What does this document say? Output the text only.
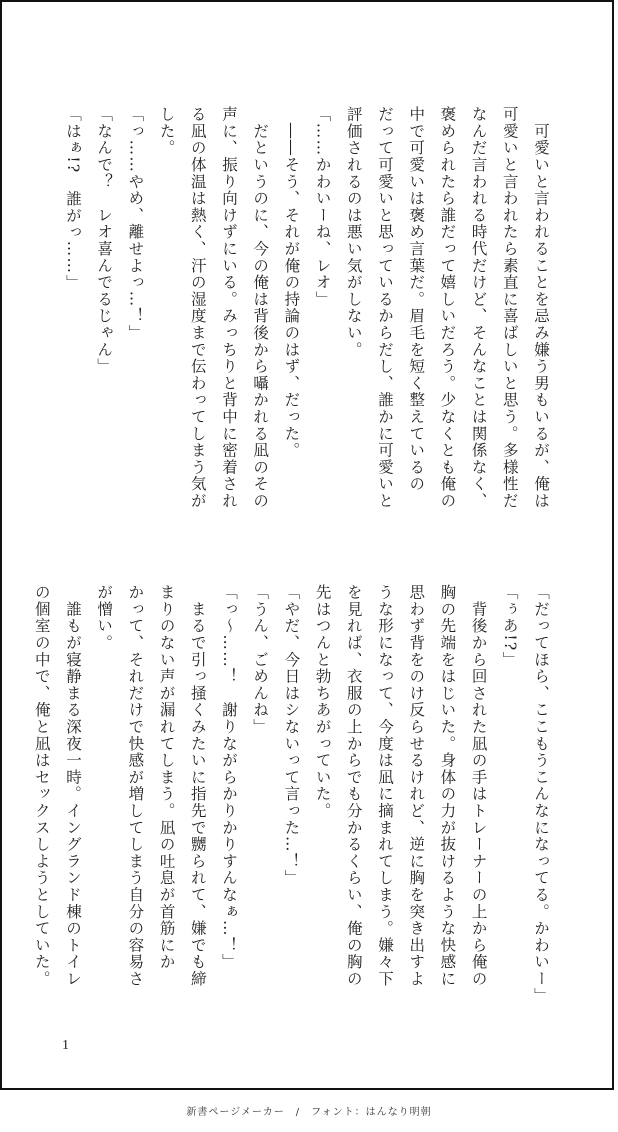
　可愛いと言われることを忌み嫌う男もいるが、俺は
可愛いと言われたら素直に喜ばしいと思う。多様性だ
なんだ言われる時代だけど、そんなことは関係なく、
褒められたら誰だって嬉しいだろう。少なくとも俺の
中で可愛いは褒め言葉だ。眉毛を短く整えているの
だって可愛いと思っているからだし、誰かに可愛いと
評価されるのは悪い気がしない。
「……かわいーね、レオ」
　――そう、それが俺の持論のはず、だった。
　だというのに、今の俺は背後から囁かれる凪のその
声に、振り向けずにいる。みっちりと背中に密着され
る凪の体温は熱く、汗の湿度まで伝わってしまう気が
した。
「っ……やめ、離せよっ…！」
「なんで？　レオ喜んでるじゃん」
「はぁ!?　誰がっ……」
「だってほら、ここもうこんなになってる。かわいー」
「ぅあ!?」
　背後から回された凪の手はトレーナーの上から俺の
胸の先端をはじいた。身体の力が抜けるような快感に
思わず背をのけ反らせるけれど、逆に胸を突き出すよ
うな形になって、今度は凪に摘まれてしまう。嫌々下
を見れば、衣服の上からでも分かるくらい、俺の胸の
先はつんと勃ちあがっていた。
「やだ、今日はシないって言った…！」
「うん、ごめんね」
「っ〜……！　謝りながらかりかりすんなぁ…！」
　まるで引っ掻くみたいに指先で嬲られて、嫌でも締
まりのない声が漏れてしまう。凪の吐息が首筋にか
かって、それだけで快感が増してしまう自分の容易さ
が憎い。
　誰もが寝静まる深夜一時。イングランド棟のトイレ
の個室の中で、俺と凪はセックスしようとしていた。
1
新書ページメーカー　/　フォント：はんなり明朝
